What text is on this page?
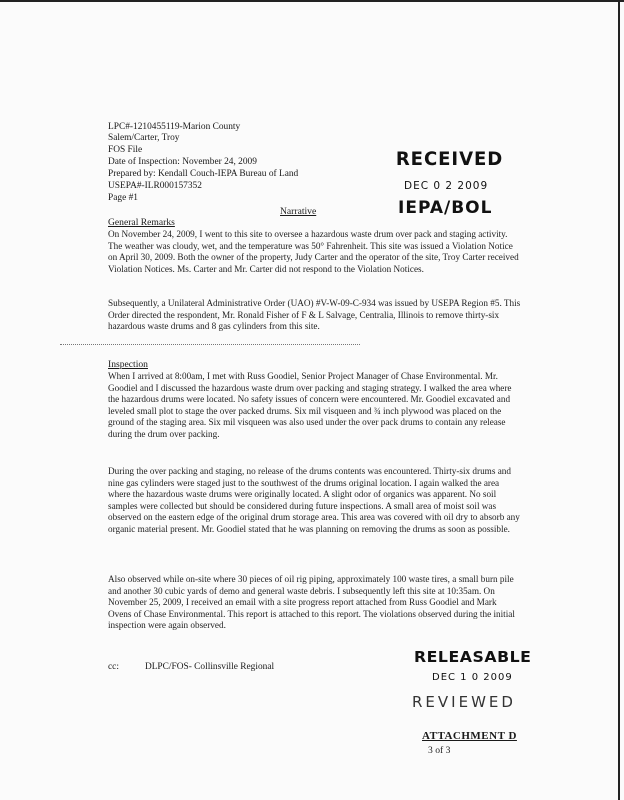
LPC#-1210455119-Marion County
Salem/Carter, Troy
FOS File
Date of Inspection: November 24, 2009
Prepared by: Kendall Couch-IEPA Bureau of Land
USEPA#-ILR000157352
Page #1
RECEIVED
DEC 0 2 2009
IEPA/BOL
Narrative
General Remarks

On November 24, 2009, I went to this site to oversee a hazardous waste drum over pack and staging activity. The weather was cloudy, wet, and the temperature was 50° Fahrenheit. This site was issued a Violation Notice on April 30, 2009. Both the owner of the property, Judy Carter and the operator of the site, Troy Carter received Violation Notices. Ms. Carter and Mr. Carter did not respond to the Violation Notices.

Subsequently, a Unilateral Administrative Order (UAO) #V-W-09-C-934 was issued by USEPA Region #5. This Order directed the respondent, Mr. Ronald Fisher of F & L Salvage, Centralia, Illinois to remove thirty-six hazardous waste drums and 8 gas cylinders from this site.

Inspection

When I arrived at 8:00am, I met with Russ Goodiel, Senior Project Manager of Chase Environmental. Mr. Goodiel and I discussed the hazardous waste drum over packing and staging strategy. I walked the area where the hazardous drums were located. No safety issues of concern were encountered. Mr. Goodiel excavated and leveled small plot to stage the over packed drums. Six mil visqueen and ¾ inch plywood was placed on the ground of the staging area. Six mil visqueen was also used under the over pack drums to contain any release during the drum over packing.

During the over packing and staging, no release of the drums contents was encountered. Thirty-six drums and nine gas cylinders were staged just to the southwest of the drums original location. I again walked the area where the hazardous waste drums were originally located. A slight odor of organics was apparent. No soil samples were collected but should be considered during future inspections. A small area of moist soil was observed on the eastern edge of the original drum storage area. This area was covered with oil dry to absorb any organic material present. Mr. Goodiel stated that he was planning on removing the drums as soon as possible.

Also observed while on-site where 30 pieces of oil rig piping, approximately 100 waste tires, a small burn pile and another 30 cubic yards of demo and general waste debris. I subsequently left this site at 10:35am. On November 25, 2009, I received an email with a site progress report attached from Russ Goodiel and Mark Ovens of Chase Environmental. This report is attached to this report. The violations observed during the initial inspection were again observed.

cc:	DLPC/FOS- Collinsville Regional
RELEASABLE
DEC 1 0 2009
REVIEWED
ATTACHMENT D
3 of 3
